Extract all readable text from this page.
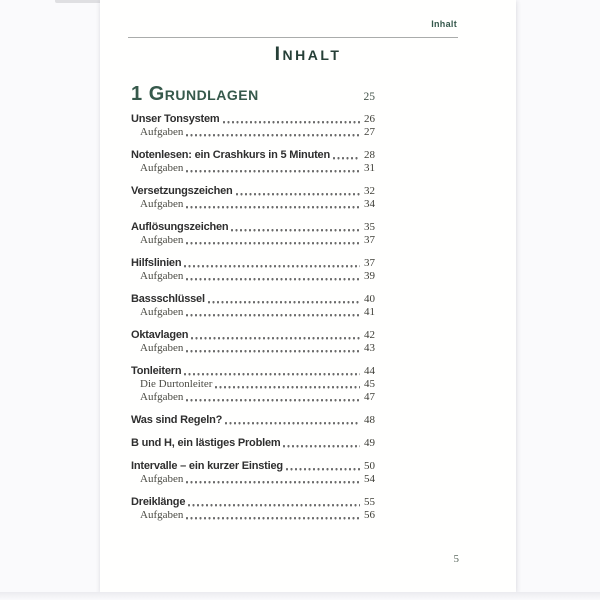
Inhalt
Inhalt
1 Grundlagen	25
Unser Tonsystem	26
Aufgaben	27
Notenlesen: ein Crashkurs in 5 Minuten	28
Aufgaben	31
Versetzungszeichen	32
Aufgaben	34
Auflösungszeichen	35
Aufgaben	37
Hilfslinien	37
Aufgaben	39
Bassschlüssel	40
Aufgaben	41
Oktavlagen	42
Aufgaben	43
Tonleitern	44
Die Durtonleiter	45
Aufgaben	47
Was sind Regeln?	48
B und H, ein lästiges Problem	49
Intervalle – ein kurzer Einstieg	50
Aufgaben	54
Dreiklänge	55
Aufgaben	56
5
